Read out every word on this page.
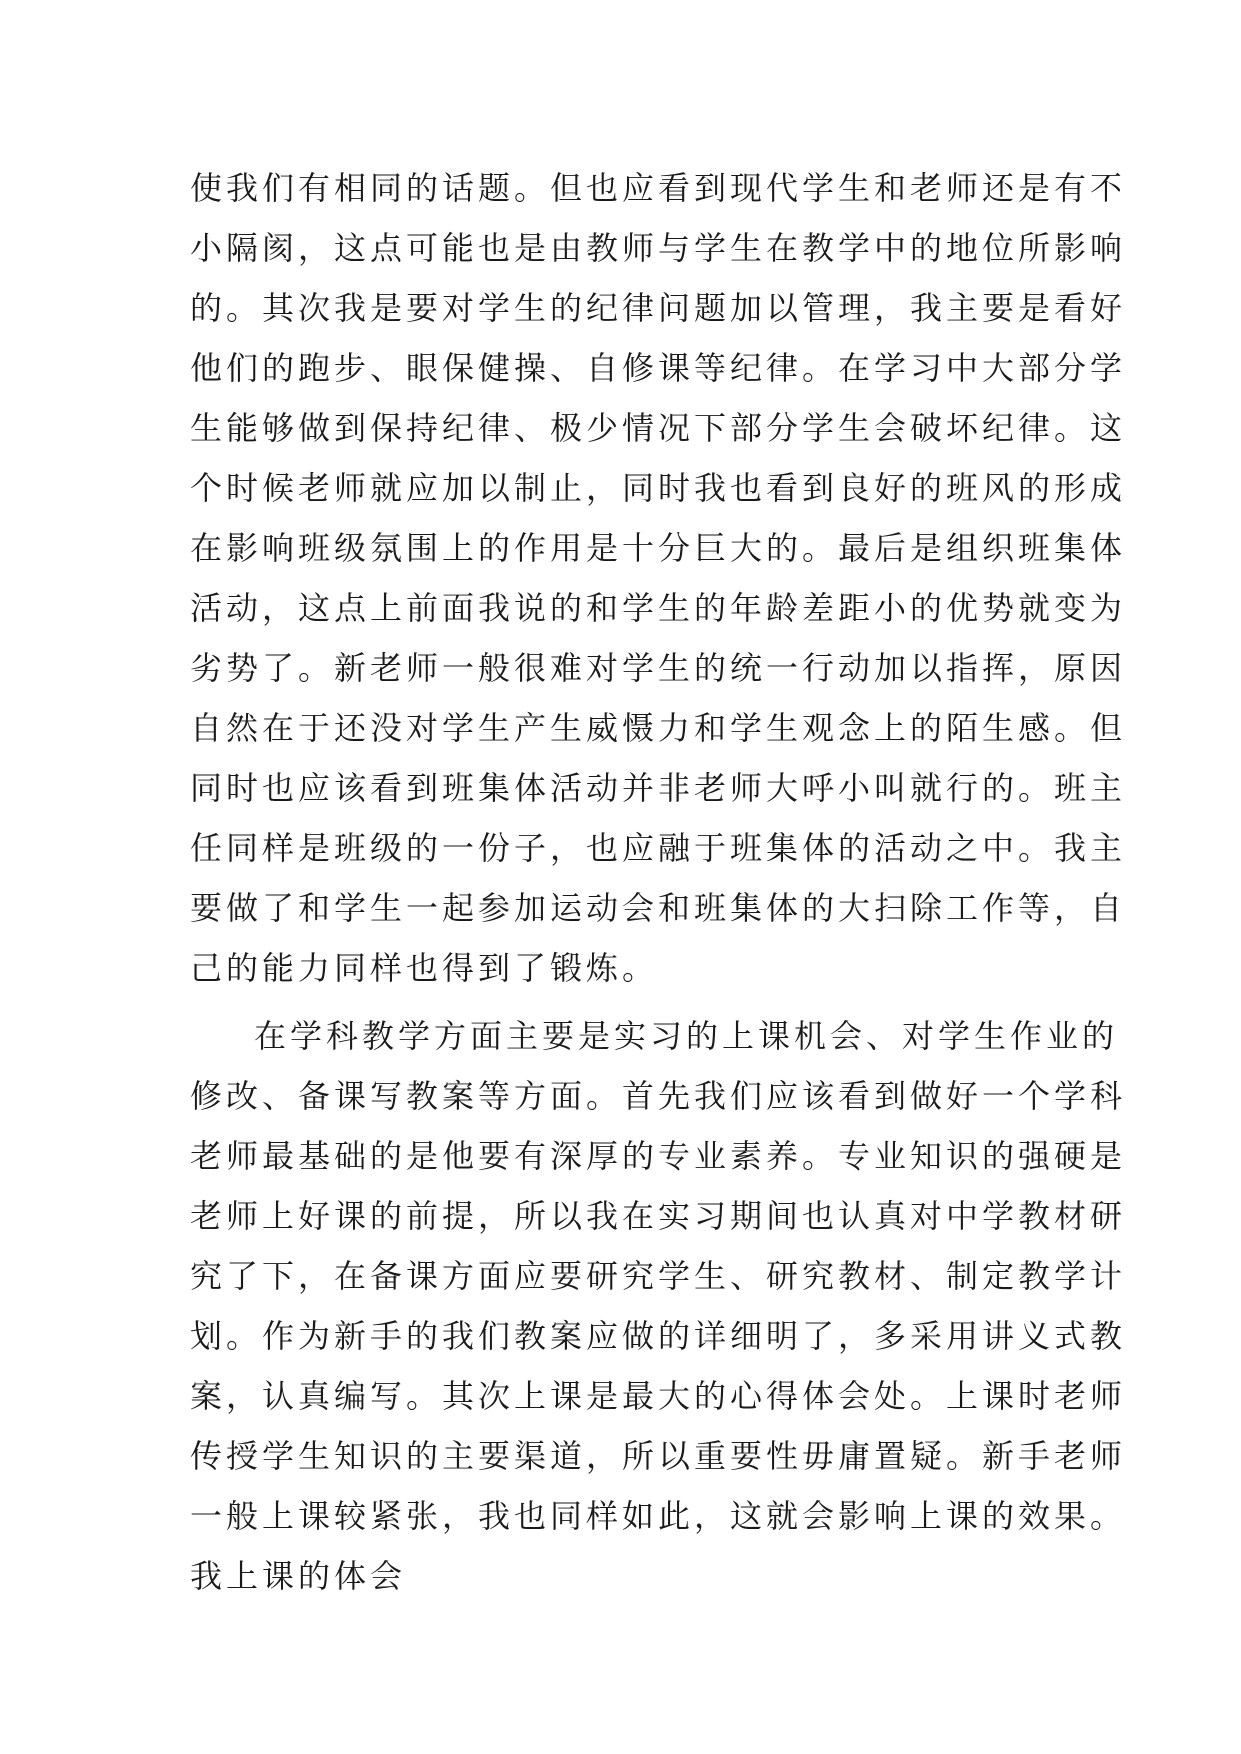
使我们有相同的话题。但也应看到现代学生和老师还是有不
小隔阂，这点可能也是由教师与学生在教学中的地位所影响
的。其次我是要对学生的纪律问题加以管理，我主要是看好
他们的跑步、眼保健操、自修课等纪律。在学习中大部分学
生能够做到保持纪律、极少情况下部分学生会破坏纪律。这
个时候老师就应加以制止，同时我也看到良好的班风的形成
在影响班级氛围上的作用是十分巨大的。最后是组织班集体
活动，这点上前面我说的和学生的年龄差距小的优势就变为
劣势了。新老师一般很难对学生的统一行动加以指挥，原因
自然在于还没对学生产生威慑力和学生观念上的陌生感。但
同时也应该看到班集体活动并非老师大呼小叫就行的。班主
任同样是班级的一份子，也应融于班集体的活动之中。我主
要做了和学生一起参加运动会和班集体的大扫除工作等，自
己的能力同样也得到了锻炼。
在学科教学方面主要是实习的上课机会、对学生作业的
修改、备课写教案等方面。首先我们应该看到做好一个学科
老师最基础的是他要有深厚的专业素养。专业知识的强硬是
老师上好课的前提，所以我在实习期间也认真对中学教材研
究了下，在备课方面应要研究学生、研究教材、制定教学计
划。作为新手的我们教案应做的详细明了，多采用讲义式教
案，认真编写。其次上课是最大的心得体会处。上课时老师
传授学生知识的主要渠道，所以重要性毋庸置疑。新手老师
一般上课较紧张，我也同样如此，这就会影响上课的效果。
我上课的体会
